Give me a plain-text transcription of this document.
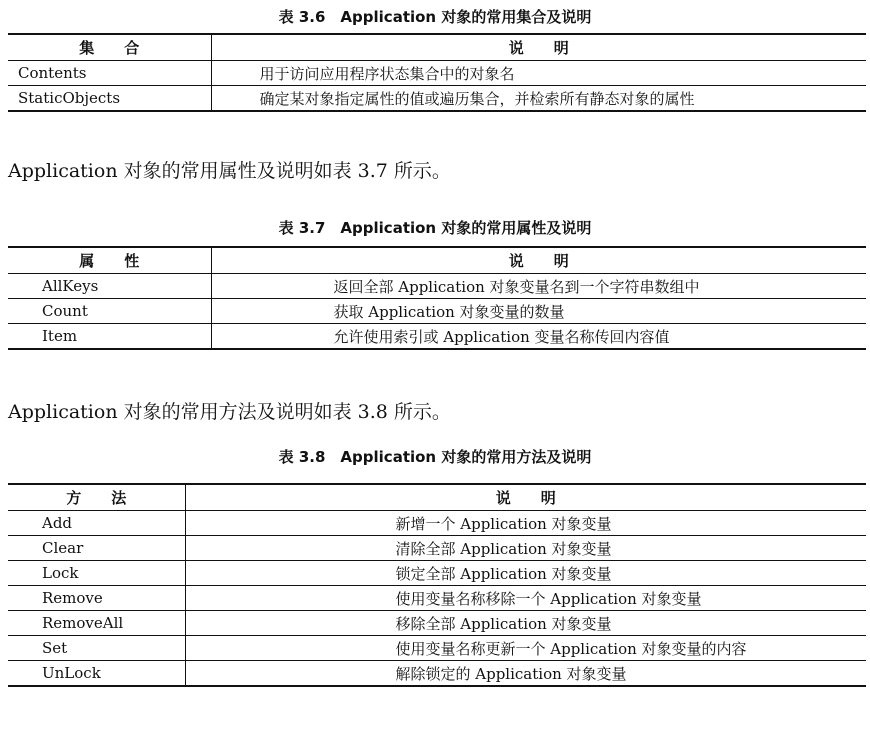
表 3.6　Application 对象的常用集合及说明
集　　合	说　　明
Contents	用于访问应用程序状态集合中的对象名
StaticObjects	确定某对象指定属性的值或遍历集合，并检索所有静态对象的属性
Application 对象的常用属性及说明如表 3.7 所示。
表 3.7　Application 对象的常用属性及说明
属　　性	说　　明
AllKeys	返回全部 Application 对象变量名到一个字符串数组中
Count	获取 Application 对象变量的数量
Item	允许使用索引或 Application 变量名称传回内容值
Application 对象的常用方法及说明如表 3.8 所示。
表 3.8　Application 对象的常用方法及说明
方　　法	说　　明
Add	新增一个 Application 对象变量
Clear	清除全部 Application 对象变量
Lock	锁定全部 Application 对象变量
Remove	使用变量名称移除一个 Application 对象变量
RemoveAll	移除全部 Application 对象变量
Set	使用变量名称更新一个 Application 对象变量的内容
UnLock	解除锁定的 Application 对象变量
